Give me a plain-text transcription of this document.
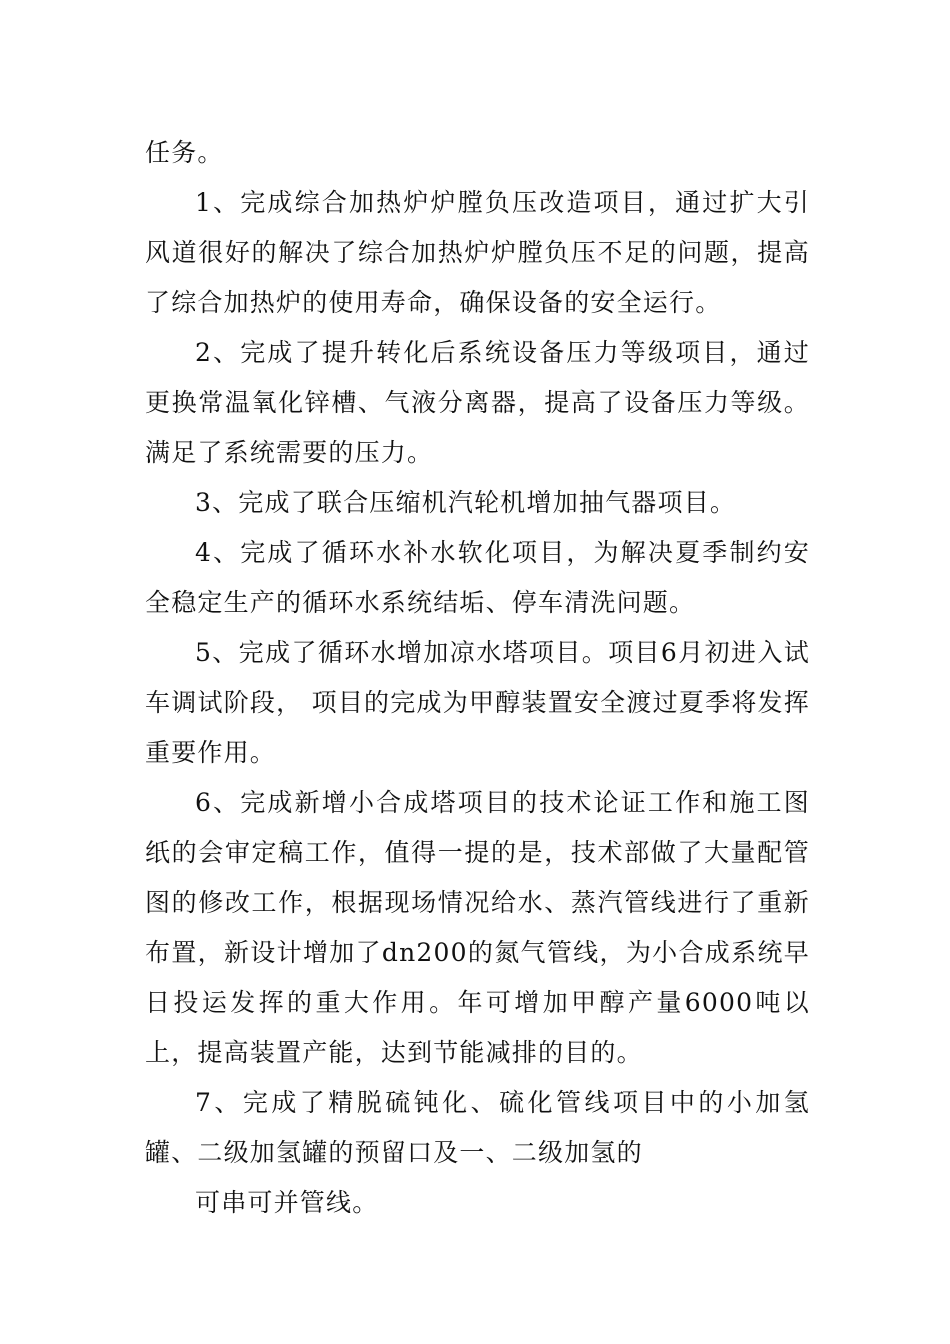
任务。

1、完成综合加热炉炉膛负压改造项目，通过扩大引风道很好的解决了综合加热炉炉膛负压不足的问题，提高了综合加热炉的使用寿命，确保设备的安全运行。

2、完成了提升转化后系统设备压力等级项目，通过更换常温氧化锌槽、气液分离器，提高了设备压力等级。满足了系统需要的压力。

3、完成了联合压缩机汽轮机增加抽气器项目。

4、完成了循环水补水软化项目，为解决夏季制约安全稳定生产的循环水系统结垢、停车清洗问题。

5、完成了循环水增加凉水塔项目。项目6月初进入试车调试阶段， 项目的完成为甲醇装置安全渡过夏季将发挥重要作用。

6、完成新增小合成塔项目的技术论证工作和施工图纸的会审定稿工作，值得一提的是，技术部做了大量配管图的修改工作，根据现场情况给水、蒸汽管线进行了重新布置，新设计增加了dn200的氮气管线，为小合成系统早日投运发挥的重大作用。年可增加甲醇产量6000吨以上，提高装置产能，达到节能减排的目的。

7、完成了精脱硫钝化、硫化管线项目中的小加氢罐、二级加氢罐的预留口及一、二级加氢的

可串可并管线。
